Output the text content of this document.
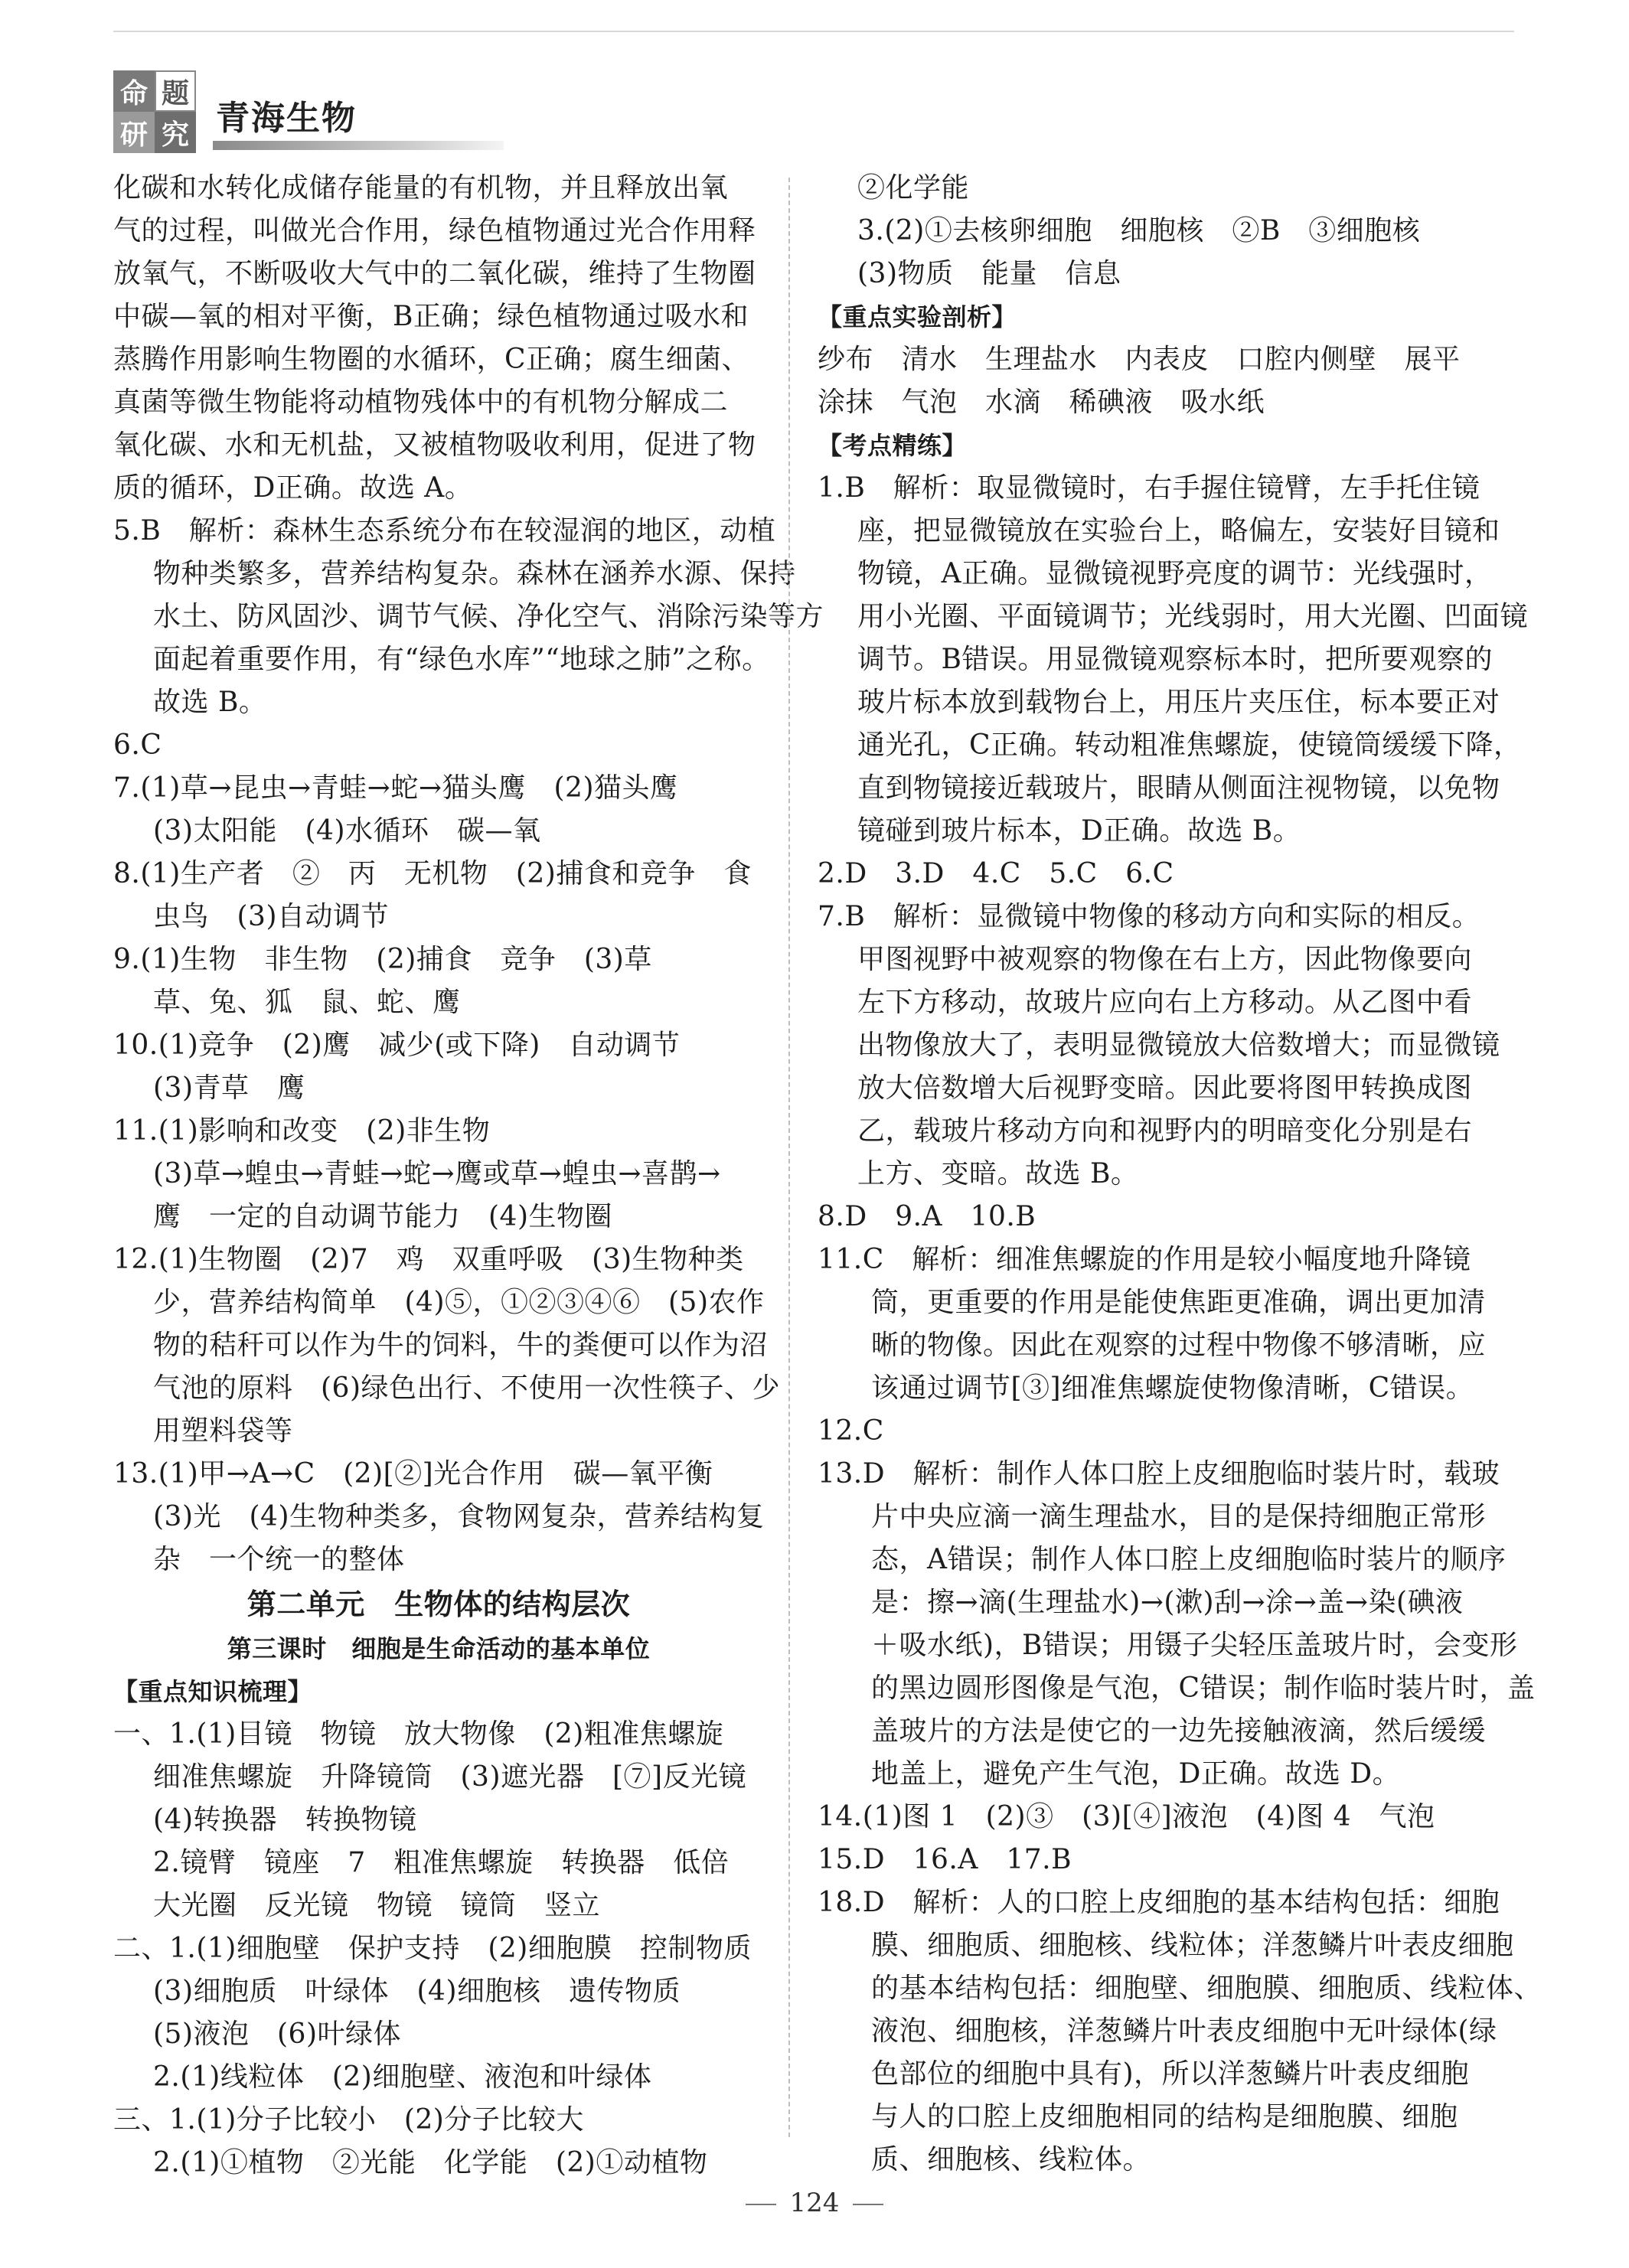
命 题
研 究 青海生物
化碳和水转化成储存能量的有机物，并且释放出氧
气的过程，叫做光合作用，绿色植物通过光合作用释
放氧气，不断吸收大气中的二氧化碳，维持了生物圈
中碳—氧的相对平衡，B正确；绿色植物通过吸水和
蒸腾作用影响生物圈的水循环，C正确；腐生细菌、
真菌等微生物能将动植物残体中的有机物分解成二
氧化碳、水和无机盐，又被植物吸收利用，促进了物
质的循环，D正确。故选 A。
5.B　解析：森林生态系统分布在较湿润的地区，动植
物种类繁多，营养结构复杂。森林在涵养水源、保持
水土、防风固沙、调节气候、净化空气、消除污染等方
面起着重要作用，有“绿色水库”“地球之肺”之称。
故选 B。
6.C
7.(1)草→昆虫→青蛙→蛇→猫头鹰　(2)猫头鹰
(3)太阳能　(4)水循环　碳—氧
8.(1)生产者　②　丙　无机物　(2)捕食和竞争　食
虫鸟　(3)自动调节
9.(1)生物　非生物　(2)捕食　竞争　(3)草
草、兔、狐　鼠、蛇、鹰
10.(1)竞争　(2)鹰　减少(或下降)　自动调节
(3)青草　鹰
11.(1)影响和改变　(2)非生物
(3)草→蝗虫→青蛙→蛇→鹰或草→蝗虫→喜鹊→
鹰　一定的自动调节能力　(4)生物圈
12.(1)生物圈　(2)7　鸡　双重呼吸　(3)生物种类
少，营养结构简单　(4)⑤，①②③④⑥　(5)农作
物的秸秆可以作为牛的饲料，牛的粪便可以作为沼
气池的原料　(6)绿色出行、不使用一次性筷子、少
用塑料袋等
13.(1)甲→A→C　(2)[②]光合作用　碳—氧平衡
(3)光　(4)生物种类多，食物网复杂，营养结构复
杂　一个统一的整体
第二单元　生物体的结构层次
第三课时　细胞是生命活动的基本单位
【重点知识梳理】
一、1.(1)目镜　物镜　放大物像　(2)粗准焦螺旋
细准焦螺旋　升降镜筒　(3)遮光器　[⑦]反光镜
(4)转换器　转换物镜
2.镜臂　镜座　7　粗准焦螺旋　转换器　低倍
大光圈　反光镜　物镜　镜筒　竖立
二、1.(1)细胞壁　保护支持　(2)细胞膜　控制物质
(3)细胞质　叶绿体　(4)细胞核　遗传物质
(5)液泡　(6)叶绿体
2.(1)线粒体　(2)细胞壁、液泡和叶绿体
三、1.(1)分子比较小　(2)分子比较大
2.(1)①植物　②光能　化学能　(2)①动植物
②化学能
3.(2)①去核卵细胞　细胞核　②B　③细胞核
(3)物质　能量　信息
【重点实验剖析】
纱布　清水　生理盐水　内表皮　口腔内侧壁　展平
涂抹　气泡　水滴　稀碘液　吸水纸
【考点精练】
1.B　解析：取显微镜时，右手握住镜臂，左手托住镜
座，把显微镜放在实验台上，略偏左，安装好目镜和
物镜，A正确。显微镜视野亮度的调节：光线强时，
用小光圈、平面镜调节；光线弱时，用大光圈、凹面镜
调节。B错误。用显微镜观察标本时，把所要观察的
玻片标本放到载物台上，用压片夹压住，标本要正对
通光孔，C正确。转动粗准焦螺旋，使镜筒缓缓下降，
直到物镜接近载玻片，眼睛从侧面注视物镜，以免物
镜碰到玻片标本，D正确。故选 B。
2.D　3.D　4.C　5.C　6.C
7.B　解析：显微镜中物像的移动方向和实际的相反。
甲图视野中被观察的物像在右上方，因此物像要向
左下方移动，故玻片应向右上方移动。从乙图中看
出物像放大了，表明显微镜放大倍数增大；而显微镜
放大倍数增大后视野变暗。因此要将图甲转换成图
乙，载玻片移动方向和视野内的明暗变化分别是右
上方、变暗。故选 B。
8.D　9.A　10.B
11.C　解析：细准焦螺旋的作用是较小幅度地升降镜
筒，更重要的作用是能使焦距更准确，调出更加清
晰的物像。因此在观察的过程中物像不够清晰，应
该通过调节[③]细准焦螺旋使物像清晰，C错误。
12.C
13.D　解析：制作人体口腔上皮细胞临时装片时，载玻
片中央应滴一滴生理盐水，目的是保持细胞正常形
态，A错误；制作人体口腔上皮细胞临时装片的顺序
是：擦→滴(生理盐水)→(漱)刮→涂→盖→染(碘液
＋吸水纸)，B错误；用镊子尖轻压盖玻片时，会变形
的黑边圆形图像是气泡，C错误；制作临时装片时，盖
盖玻片的方法是使它的一边先接触液滴，然后缓缓
地盖上，避免产生气泡，D正确。故选 D。
14.(1)图 1　(2)③　(3)[④]液泡　(4)图 4　气泡
15.D　16.A　17.B
18.D　解析：人的口腔上皮细胞的基本结构包括：细胞
膜、细胞质、细胞核、线粒体；洋葱鳞片叶表皮细胞
的基本结构包括：细胞壁、细胞膜、细胞质、线粒体、
液泡、细胞核，洋葱鳞片叶表皮细胞中无叶绿体(绿
色部位的细胞中具有)，所以洋葱鳞片叶表皮细胞
与人的口腔上皮细胞相同的结构是细胞膜、细胞
质、细胞核、线粒体。
124
